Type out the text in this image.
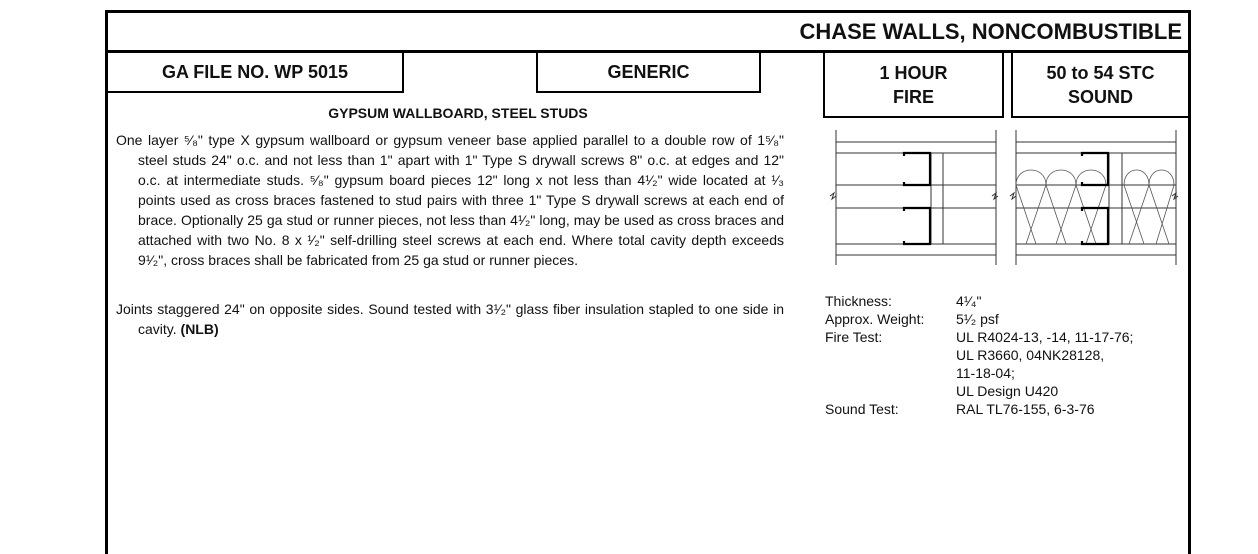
CHASE WALLS, NONCOMBUSTIBLE
GA FILE NO. WP 5015	GENERIC	1 HOUR
FIRE
50 to 54 STC
SOUND
GYPSUM WALLBOARD, STEEL STUDS
One layer ⁵⁄₈" type X gypsum wallboard or gypsum veneer base applied parallel to a double row of 1⁵⁄₈" steel studs 24" o.c. and not less than 1" apart with 1" Type S drywall screws 8" o.c. at edges and 12" o.c. at intermediate studs. ⁵⁄₈" gypsum board pieces 12" long x not less than 4¹⁄₂" wide located at ¹⁄₃ points used as cross braces fastened to stud pairs with three 1" Type S drywall screws at each end of brace. Optionally 25 ga stud or runner pieces, not less than 4¹⁄₂" long, may be used as cross braces and attached with two No. 8 x ¹⁄₂" self-drilling steel screws at each end. Where total cavity depth exceeds 9¹⁄₂", cross braces shall be fabricated from 25 ga stud or runner pieces.
Joints staggered 24" on opposite sides. Sound tested with 3¹⁄₂" glass fiber insulation stapled to one side in cavity. (NLB)
Thickness:	4¹⁄₄"
Approx. Weight:	5¹⁄₂ psf
Fire Test:	UL R4024-13, -14, 11-17-76;
UL R3660, 04NK28128,
11-18-04;
UL Design U420

Sound Test:	RAL TL76-155, 6-3-76
